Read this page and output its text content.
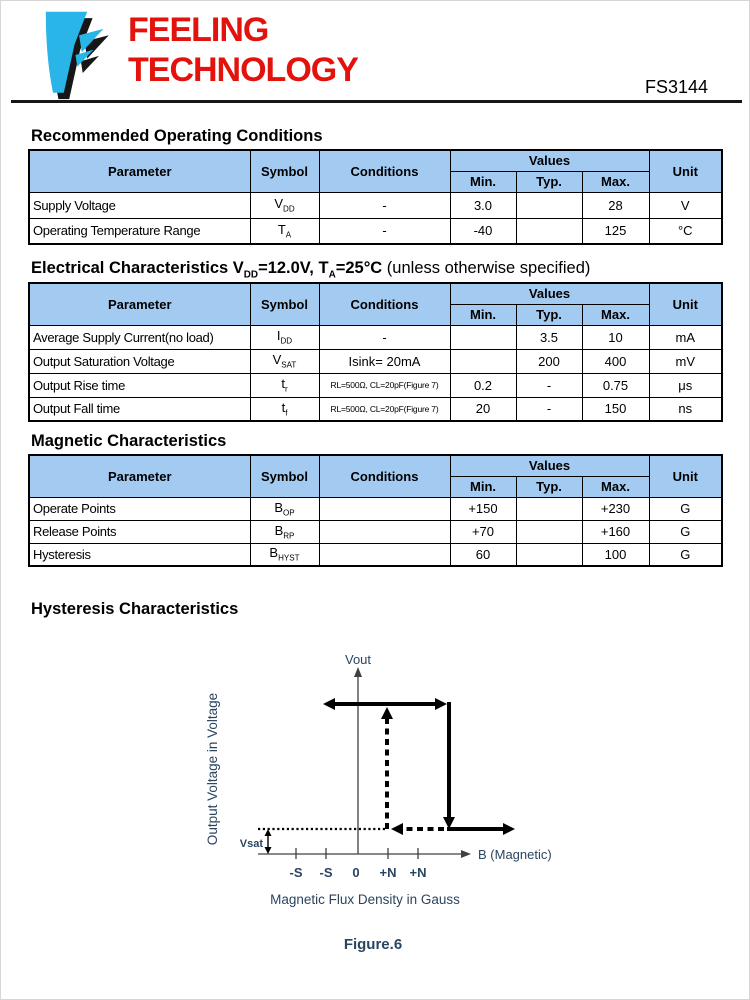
FEELING
TECHNOLOGY	FS3144
Recommended Operating Conditions
Parameter	Symbol	Conditions	Values			Unit
			Min.	Typ.	Max.	
Supply Voltage	$V_{DD}$	-	3.0		28	V
Operating Temperature Range	$T_A$	-	-40		125	°C
Electrical Characteristics $V_{DD}=12.0V$, $T_A=25^\circ C$ (unless otherwise specified)
Parameter	Symbol	Conditions	Values			Unit
			Min.	Typ.	Max.	
Average Supply Current(no load)	$I_{DD}$	-		3.5	10	mA
Output Saturation Voltage	$V_{SAT}$	Isink= 20mA		200	400	mV
Output Rise time	$t_r$	RL=500Ω, CL=20pF(Figure 7)	0.2	-	0.75	μs
Output Fall time	$t_f$	RL=500Ω, CL=20pF(Figure 7)	20	-	150	ns
Magnetic Characteristics
Parameter	Symbol	Conditions	Values			Unit
			Min.	Typ.	Max.	
Operate Points	$B_{OP}$		+150		+230	G
Release Points	$B_{RP}$		+70		+160	G
Hysteresis	$B_{HYST}$		60		100	G
Hysteresis Characteristics
Vout
B (Magnetic)
Output Voltage in Voltage Vsat
-S -S 0 +N +N
Magnetic Flux Density in Gauss
Figure.6
